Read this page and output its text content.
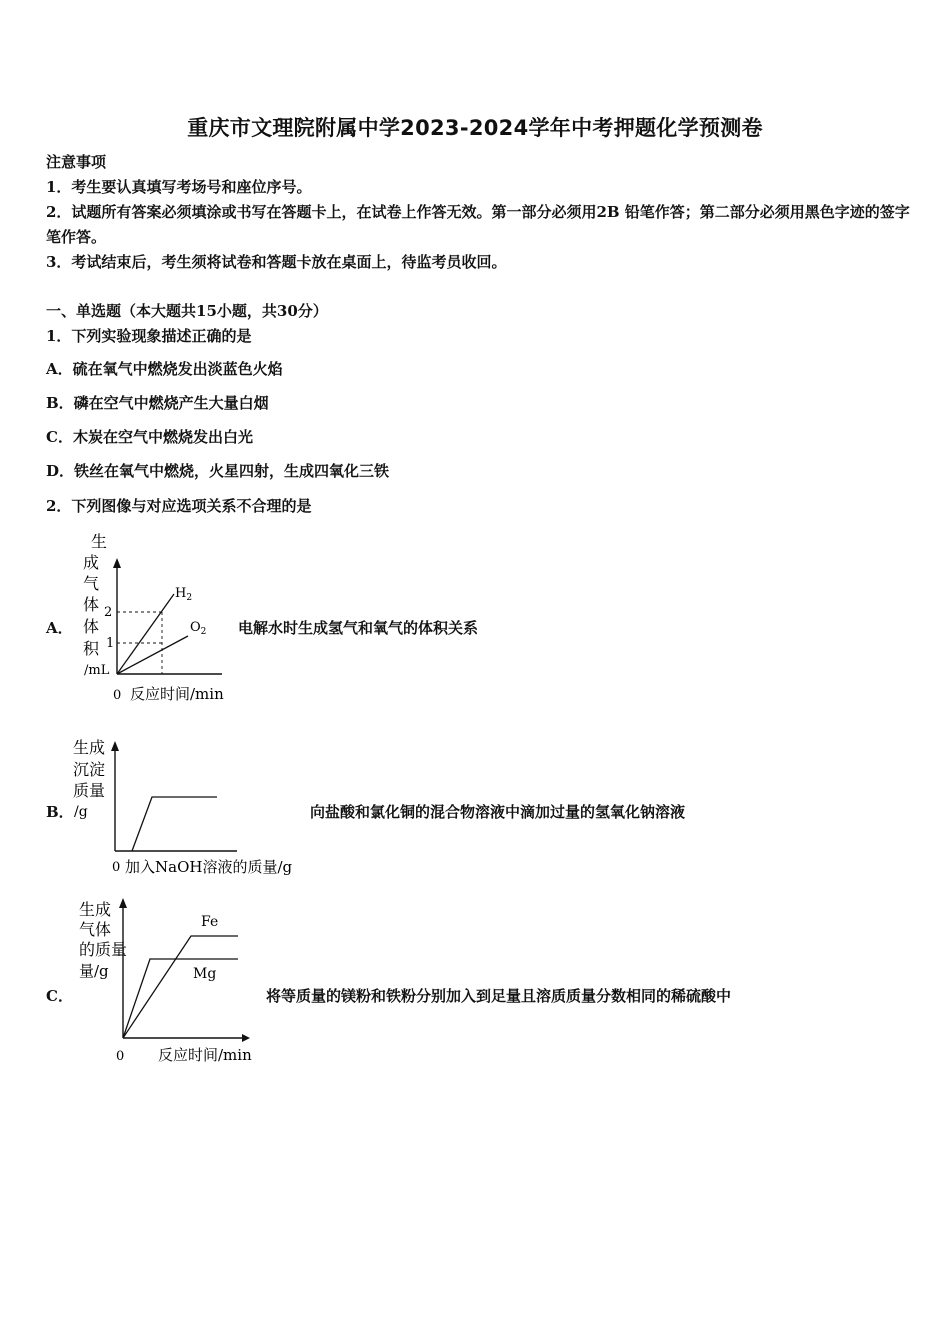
重庆市文理院附属中学2023-2024学年中考押题化学预测卷
注意事项
1．考生要认真填写考场号和座位序号。
2．试题所有答案必须填涂或书写在答题卡上，在试卷上作答无效。第一部分必须用2B 铅笔作答；第二部分必须用黑色字迹的签字笔作答。
3．考试结束后，考生须将试卷和答题卡放在桌面上，待监考员收回。
一、单选题（本大题共15小题，共30分）
1．下列实验现象描述正确的是
A．硫在氧气中燃烧发出淡蓝色火焰
B．磷在空气中燃烧产生大量白烟
C．木炭在空气中燃烧发出白光
D．铁丝在氧气中燃烧，火星四射，生成四氧化三铁
2．下列图像与对应选项关系不合理的是
A．
生
成
气
体
体
积
/mL
2
1
$H_2$
$O_2$
0 反应时间/min
电解水时生成氢气和氧气的体积关系
B．
生成
沉淀
质量
/g
0 加入NaOH溶液的质量/g
向盐酸和氯化铜的混合物溶液中滴加过量的氢氧化钠溶液
C．
生成
气体
的质量
量/g
Fe
Mg
0 反应时间/min
将等质量的镁粉和铁粉分别加入到足量且溶质质量分数相同的稀硫酸中
